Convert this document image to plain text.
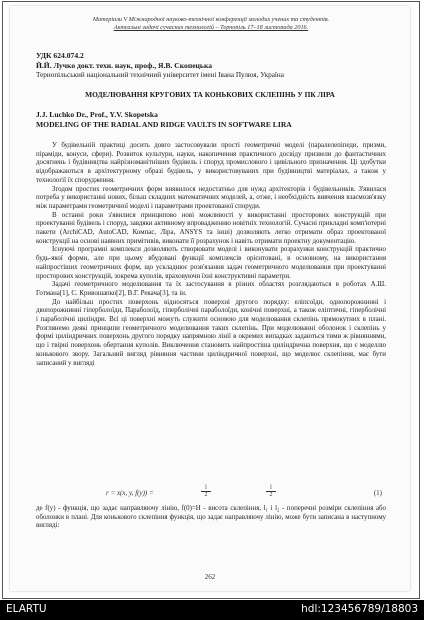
Матеріали V Міжнародної науково-технічної конференції молодих учених та студентів.
Актуальні задачі сучасних технологій – Тернопіль 17–18 листопада 2016.
УДК 624.074.2
Й.Й. Лучко докт. техн. наук, проф., Я.В. Скопецька
Тернопільський національний технічний університет імені Івана Пулюя, Україна
МОДЕЛЮВАННЯ КРУГОВИХ ТА КОНЬКОВИХ СКЛЕПІНЬ У ПК ЛІРА
J.J. Luchko Dr., Prof., Y.V. Skopetska
MODELING OF THE RADIAL AND RIDGE VAULTS IN SOFTWARE LIRA

У будівельній практиці досить довго застосовували прості геометричні моделі (паралелепіпеди, призми, піраміди, конуси, сфери). Розвиток культури, науки, накопичення практичного досвіду призвели до фантастичних досягнень і будівництва найрізноманітніших будівель і споруд промислового і цивільного призначення. Ці здобутки відображаються в архітектурному образі будівель, у використовуваних при будівництві матеріалах, а також у технології їх спорудження.

Згодом простих геометричних форм виявилося недостатньо для нужд архітекторів і будівельників. З'явилася потреба у використанні нових, більш складних математичних моделей, а, отже, і необхідність вивчення взаємозв'язку між параметрами геометричної моделі і параметрами проектованої споруди.

В останні роки з'явилися принципово нові можливості у використанні просторових конструкцій при проектуванні будівель і споруд, завдяки активному впровадженню новітніх технологій. Сучасні прикладні комп'ютерні пакети (ArchiCAD, AutoCAD, Компас, Ліра, ANSYS та інші) дозволяють легко отримати образ проектованої конструкції на основі наявних примітивів, виконати її розрахунок і навіть отримати проектну документацію.

Існуючі програмні комплекси дозволяють створювати моделі і виконувати розрахунки конструкцій практично будь-якої форми, але при цьому вбудовані функції комплексів орієнтовані, в основному, на використання найпростіших геометричних форм, що ускладнює розв'язання задач геометричного моделювання при проектуванні просторових конструкцій, зокрема куполів, враховуючи їхні конструктивні параметри.

Задачі геометричного моделювання та їх застосування в різних областях розглядаються в роботах А.Ш. Готмана[1], С. Кривошапко[2], В.Г. Рекача[3], та ін.

До найбільш простих поверхонь відносяться поверхні другого порядку: еліпсоїди, однопорожнинні і двопорожнинні гіперболоїди, Параболоїд, гіперболічні параболоїди, конічні поверхні, а також еліптичні, гіперболічні і параболічні циліндри. Всі ці поверхні можуть служити основою для моделювання склепінь прямокутних в плані. Розглянемо деякі принципи геометричного моделювання таких склепінь. При моделюванні оболонок і склепінь у формі циліндричних поверхонь другого порядку напрямною лінії в окремих випадках задаються тими ж рівняннями, що і твірні поверхонь обертання куполів. Виключення становить найпростіша циліндрична поверхня, що є моделлю конькового звору. Загальний вигляд рівняння частини циліндричної поверхні, що моделює склепіння, має бути записаний у вигляді

r = x(x, y, f(y)) =	$\frac{l}{2}$	$\frac{l}{2}$	(1)

де f(y) - функція, що задає направляючу лінію, f(0)=H - висота склепіння, l₁ і l₂ - поперечні розміри склепіння або оболонки в плані. Для конькового склепіння функція, що задає направляючу лінію, може бути записана в наступному вигляді:

262
ELARTU	hdl:123456789/18803
